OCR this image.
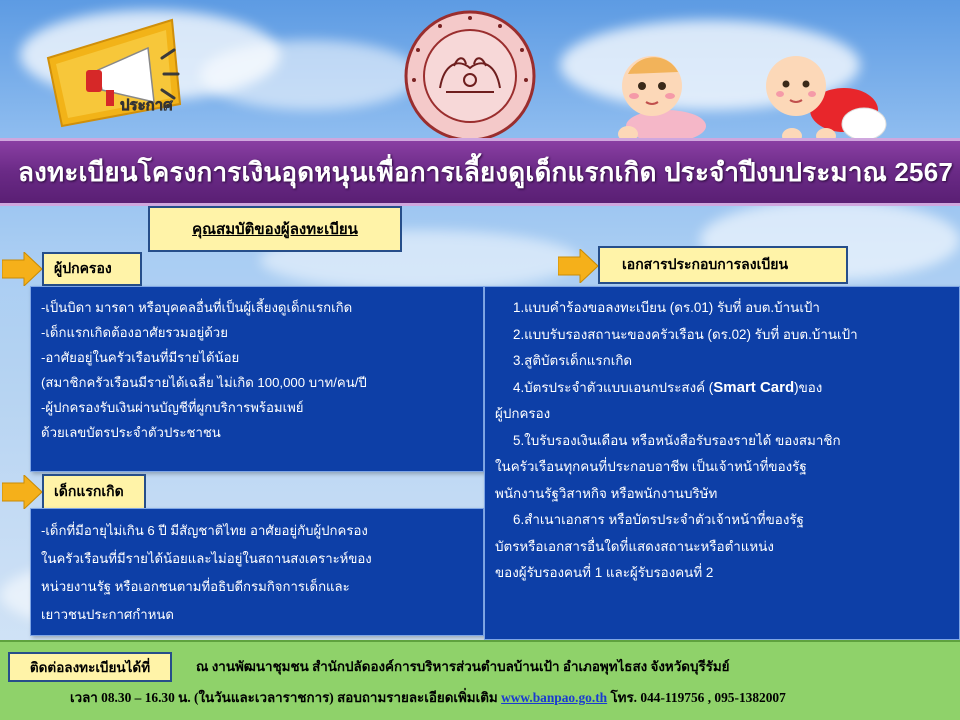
ประกาศ
ลงทะเบียนโครงการเงินอุดหนุนเพื่อการเลี้ยงดูเด็กแรกเกิด ประจำปีงบประมาณ 2567
คุณสมบัติของผู้ลงทะเบียน
ผู้ปกครอง
-เป็นบิดา มารดา หรือบุคคลอื่นที่เป็นผู้เลี้ยงดูเด็กแรกเกิด
-เด็กแรกเกิดต้องอาศัยรวมอยู่ด้วย
-อาศัยอยู่ในครัวเรือนที่มีรายได้น้อย
(สมาชิกครัวเรือนมีรายได้เฉลี่ย ไม่เกิด 100,000 บาท/คน/ปี
-ผู้ปกครองรับเงินผ่านบัญชีที่ผูกบริการพร้อมเพย์
ด้วยเลขบัตรประจำตัวประชาชน
เด็กแรกเกิด
-เด็กที่มีอายุไม่เกิน 6 ปี มีสัญชาติไทย อาศัยอยู่กับผู้ปกครอง
ในครัวเรือนที่มีรายได้น้อยและไม่อยู่ในสถานสงเคราะห์ของ
หน่วยงานรัฐ หรือเอกชนตามที่อธิบดีกรมกิจการเด็กและ
เยาวชนประกาศกำหนด
เอกสารประกอบการลงเบียน
1.แบบคำร้องขอลงทะเบียน (ดร.01) รับที่ อบต.บ้านเป้า
2.แบบรับรองสถานะของครัวเรือน (ดร.02) รับที่ อบต.บ้านเป้า
3.สูติบัตรเด็กแรกเกิด
4.บัตรประจำตัวแบบเอนกประสงค์ (Smart Card)ของ
ผู้ปกครอง
5.ใบรับรองเงินเดือน หรือหนังสือรับรองรายได้ ของสมาชิก
ในครัวเรือนทุกคนที่ประกอบอาชีพ เป็นเจ้าหน้าที่ของรัฐ
พนักงานรัฐวิสาหกิจ หรือพนักงานบริษัท
6.สำเนาเอกสาร หรือบัตรประจำตัวเจ้าหน้าที่ของรัฐ
บัตรหรือเอกสารอื่นใดที่แสดงสถานะหรือตำแหน่ง
ของผู้รับรองคนที่ 1 และผู้รับรองคนที่ 2
ติดต่อลงทะเบียนได้ที่	ณ งานพัฒนาชุมชน สำนักปลัดองค์การบริหารส่วนตำบลบ้านเป้า อำเภอพุทไธสง จังหวัดบุรีรัมย์
เวลา 08.30 – 16.30 น. (ในวันและเวลาราชการ) สอบถามรายละเอียดเพิ่มเติม www.banpao.go.th โทร. 044-119756 , 095-1382007
